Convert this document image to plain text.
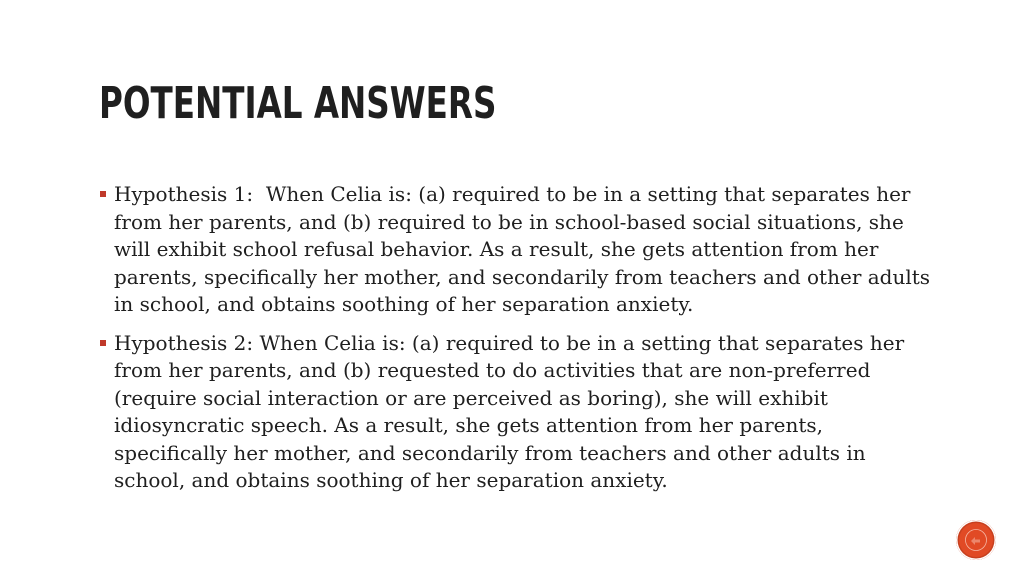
POTENTIAL ANSWERS
Hypothesis 1: When Celia is: (a) required to be in a setting that separates her from her parents, and (b) required to be in school-based social situations, she will exhibit school refusal behavior. As a result, she gets attention from her parents, specifically her mother, and secondarily from teachers and other adults in school, and obtains soothing of her separation anxiety.
Hypothesis 2: When Celia is: (a) required to be in a setting that separates her from her parents, and (b) requested to do activities that are non-preferred (require social interaction or are perceived as boring), she will exhibit idiosyncratic speech. As a result, she gets attention from her parents, specifically her mother, and secondarily from teachers and other adults in school, and obtains soothing of her separation anxiety.
